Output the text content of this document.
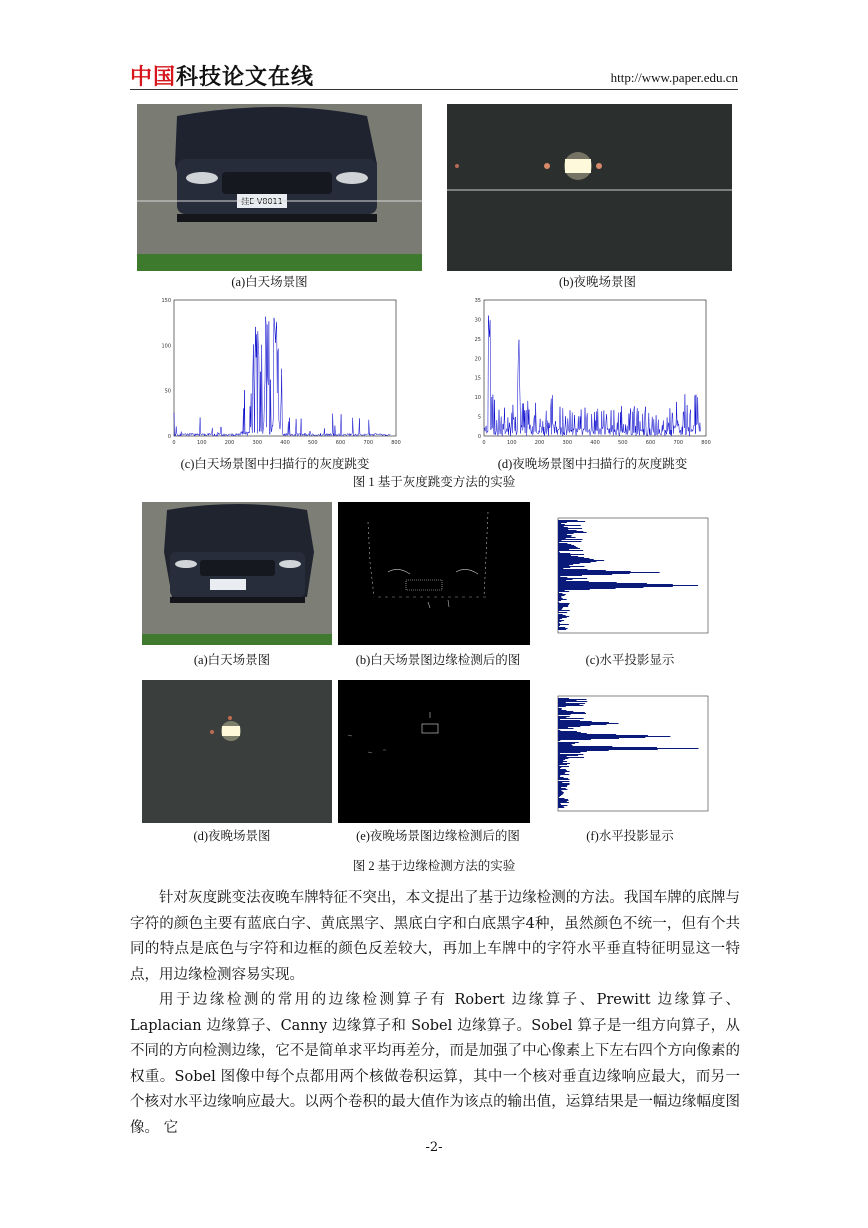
中国科技论文在线	http://www.paper.edu.cn
挂E V8011
(a)白天场景图	(b)夜晚场景图
0	100	200	300	400	500	600	700	800
0
50
100
150
0	100	200	300	400	500	600	700	800
0
5
10
15
20
25
30
35
(c)白天场景图中扫描行的灰度跳变	(d)夜晚场景图中扫描行的灰度跳变
图 1 基于灰度跳变方法的实验
(a)白天场景图	(b)白天场景图边缘检测后的图	(c)水平投影显示
(d)夜晚场景图	(e)夜晚场景图边缘检测后的图	(f)水平投影显示
图 2 基于边缘检测方法的实验
针对灰度跳变法夜晚车牌特征不突出，本文提出了基于边缘检测的方法。我国车牌的底牌与字符的颜色主要有蓝底白字、黄底黑字、黑底白字和白底黑字4种，虽然颜色不统一，但有个共同的特点是底色与字符和边框的颜色反差较大，再加上车牌中的字符水平垂直特征明显这一特点，用边缘检测容易实现。
用于边缘检测的常用的边缘检测算子有 Robert 边缘算子、Prewitt 边缘算子、Laplacian 边缘算子、Canny 边缘算子和 Sobel 边缘算子。Sobel 算子是一组方向算子，从不同的方向检测边缘，它不是简单求平均再差分，而是加强了中心像素上下左右四个方向像素的权重。Sobel 图像中每个点都用两个核做卷积运算，其中一个核对垂直边缘响应最大，而另一个核对水平边缘响应最大。以两个卷积的最大值作为该点的输出值，运算结果是一幅边缘幅度图像。 它
-2-
